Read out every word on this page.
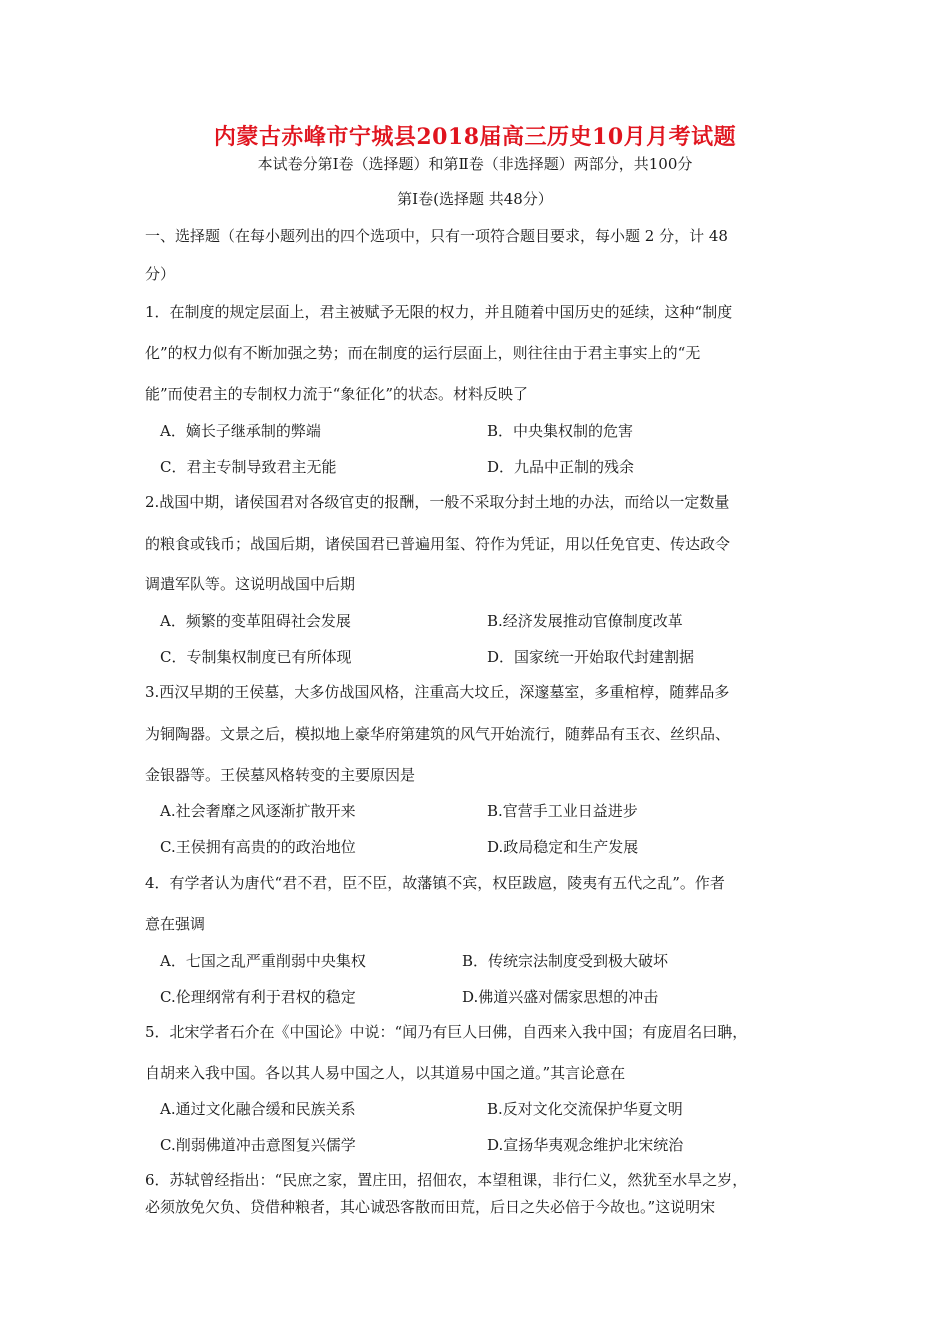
内蒙古赤峰市宁城县2018届高三历史10月月考试题
本试卷分第Ⅰ卷（选择题）和第Ⅱ卷（非选择题）两部分，共100分
第Ⅰ卷(选择题 共48分）
一、选择题（在每小题列出的四个选项中，只有一项符合题目要求，每小题 2 分，计 48
分）
1．在制度的规定层面上，君主被赋予无限的权力，并且随着中国历史的延续，这种“制度
化”的权力似有不断加强之势；而在制度的运行层面上，则往往由于君主事实上的“无
能”而使君主的专制权力流于“象征化”的状态。材料反映了
A．嫡长子继承制的弊端	B．中央集权制的危害
C．君主专制导致君主无能	D．九品中正制的残余
2.战国中期，诸侯国君对各级官吏的报酬，一般不采取分封土地的办法，而给以一定数量
的粮食或钱币；战国后期，诸侯国君已普遍用玺、符作为凭证，用以任免官吏、传达政令
调遣军队等。这说明战国中后期
A．频繁的变革阻碍社会发展	B.经济发展推动官僚制度改革
C．专制集权制度已有所体现	D．国家统一开始取代封建割据
3.西汉早期的王侯墓，大多仿战国风格，注重高大坟丘，深邃墓室，多重棺椁，随葬品多
为铜陶器。文景之后，模拟地上豪华府第建筑的风气开始流行，随葬品有玉衣、丝织品、
金银器等。王侯墓风格转变的主要原因是
A.社会奢靡之风逐渐扩散开来	B.官营手工业日益进步
C.王侯拥有高贵的的政治地位	D.政局稳定和生产发展
4．有学者认为唐代“君不君，臣不臣，故藩镇不宾，权臣跋扈，陵夷有五代之乱”。作者
意在强调
A．七国之乱严重削弱中央集权	B．传统宗法制度受到极大破坏
C.伦理纲常有利于君权的稳定	D.佛道兴盛对儒家思想的冲击
5．北宋学者石介在《中国论》中说：“闻乃有巨人曰佛，自西来入我中国；有庞眉名曰聃，
自胡来入我中国。各以其人易中国之人，以其道易中国之道。”其言论意在
A.通过文化融合缓和民族关系	B.反对文化交流保护华夏文明
C.削弱佛道冲击意图复兴儒学	D.宣扬华夷观念维护北宋统治
6．苏轼曾经指出：“民庶之家，置庄田，招佃农，本望租课，非行仁义，然犹至水旱之岁，
必须放免欠负、贷借种粮者，其心诚恐客散而田荒，后日之失必倍于今故也。”这说明宋
